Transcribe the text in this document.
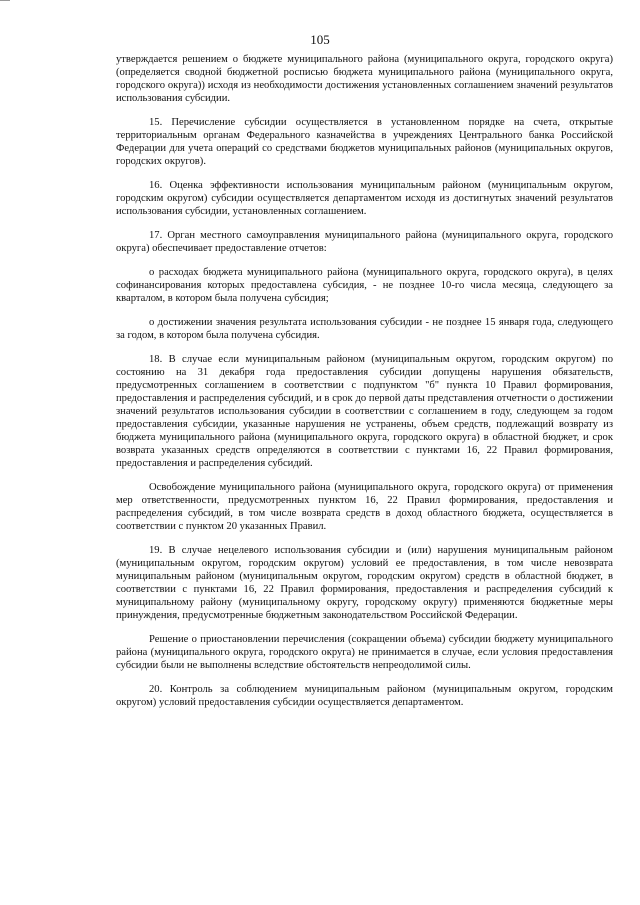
105

утверждается решением о бюджете муниципального района (муниципального округа, городского округа) (определяется сводной бюджетной росписью бюджета муниципального района (муниципального округа, городского округа)) исходя из необходимости достижения установленных соглашением значений результатов использования субсидии.

15. Перечисление субсидии осуществляется в установленном порядке на счета, открытые территориальным органам Федерального казначейства в учреждениях Центрального банка Российской Федерации для учета операций со средствами бюджетов муниципальных районов (муниципальных округов, городских округов).

16. Оценка эффективности использования муниципальным районом (муниципальным округом, городским округом) субсидии осуществляется департаментом исходя из достигнутых значений результатов использования субсидии, установленных соглашением.

17. Орган местного самоуправления муниципального района (муниципального округа, городского округа) обеспечивает предоставление отчетов:

о расходах бюджета муниципального района (муниципального округа, городского округа), в целях софинансирования которых предоставлена субсидия, - не позднее 10-го числа месяца, следующего за кварталом, в котором была получена субсидия;

о достижении значения результата использования субсидии - не позднее 15 января года, следующего за годом, в котором была получена субсидия.

18. В случае если муниципальным районом (муниципальным округом, городским округом) по состоянию на 31 декабря года предоставления субсидии допущены нарушения обязательств, предусмотренных соглашением в соответствии с подпунктом "б" пункта 10 Правил формирования, предоставления и распределения субсидий, и в срок до первой даты представления отчетности о достижении значений результатов использования субсидии в соответствии с соглашением в году, следующем за годом предоставления субсидии, указанные нарушения не устранены, объем средств, подлежащий возврату из бюджета муниципального района (муниципального округа, городского округа) в областной бюджет, и срок возврата указанных средств определяются в соответствии с пунктами 16, 22 Правил формирования, предоставления и распределения субсидий.

Освобождение муниципального района (муниципального округа, городского округа) от применения мер ответственности, предусмотренных пунктом 16, 22 Правил формирования, предоставления и распределения субсидий, в том числе возврата средств в доход областного бюджета, осуществляется в соответствии с пунктом 20 указанных Правил.

19. В случае нецелевого использования субсидии и (или) нарушения муниципальным районом (муниципальным округом, городским округом) условий ее предоставления, в том числе невозврата муниципальным районом (муниципальным округом, городским округом) средств в областной бюджет, в соответствии с пунктами 16, 22 Правил формирования, предоставления и распределения субсидий к муниципальному району (муниципальному округу, городскому округу) применяются бюджетные меры принуждения, предусмотренные бюджетным законодательством Российской Федерации.

Решение о приостановлении перечисления (сокращении объема) субсидии бюджету муниципального района (муниципального округа, городского округа) не принимается в случае, если условия предоставления субсидии были не выполнены вследствие обстоятельств непреодолимой силы.

20. Контроль за соблюдением муниципальным районом (муниципальным округом, городским округом) условий предоставления субсидии осуществляется департаментом.
